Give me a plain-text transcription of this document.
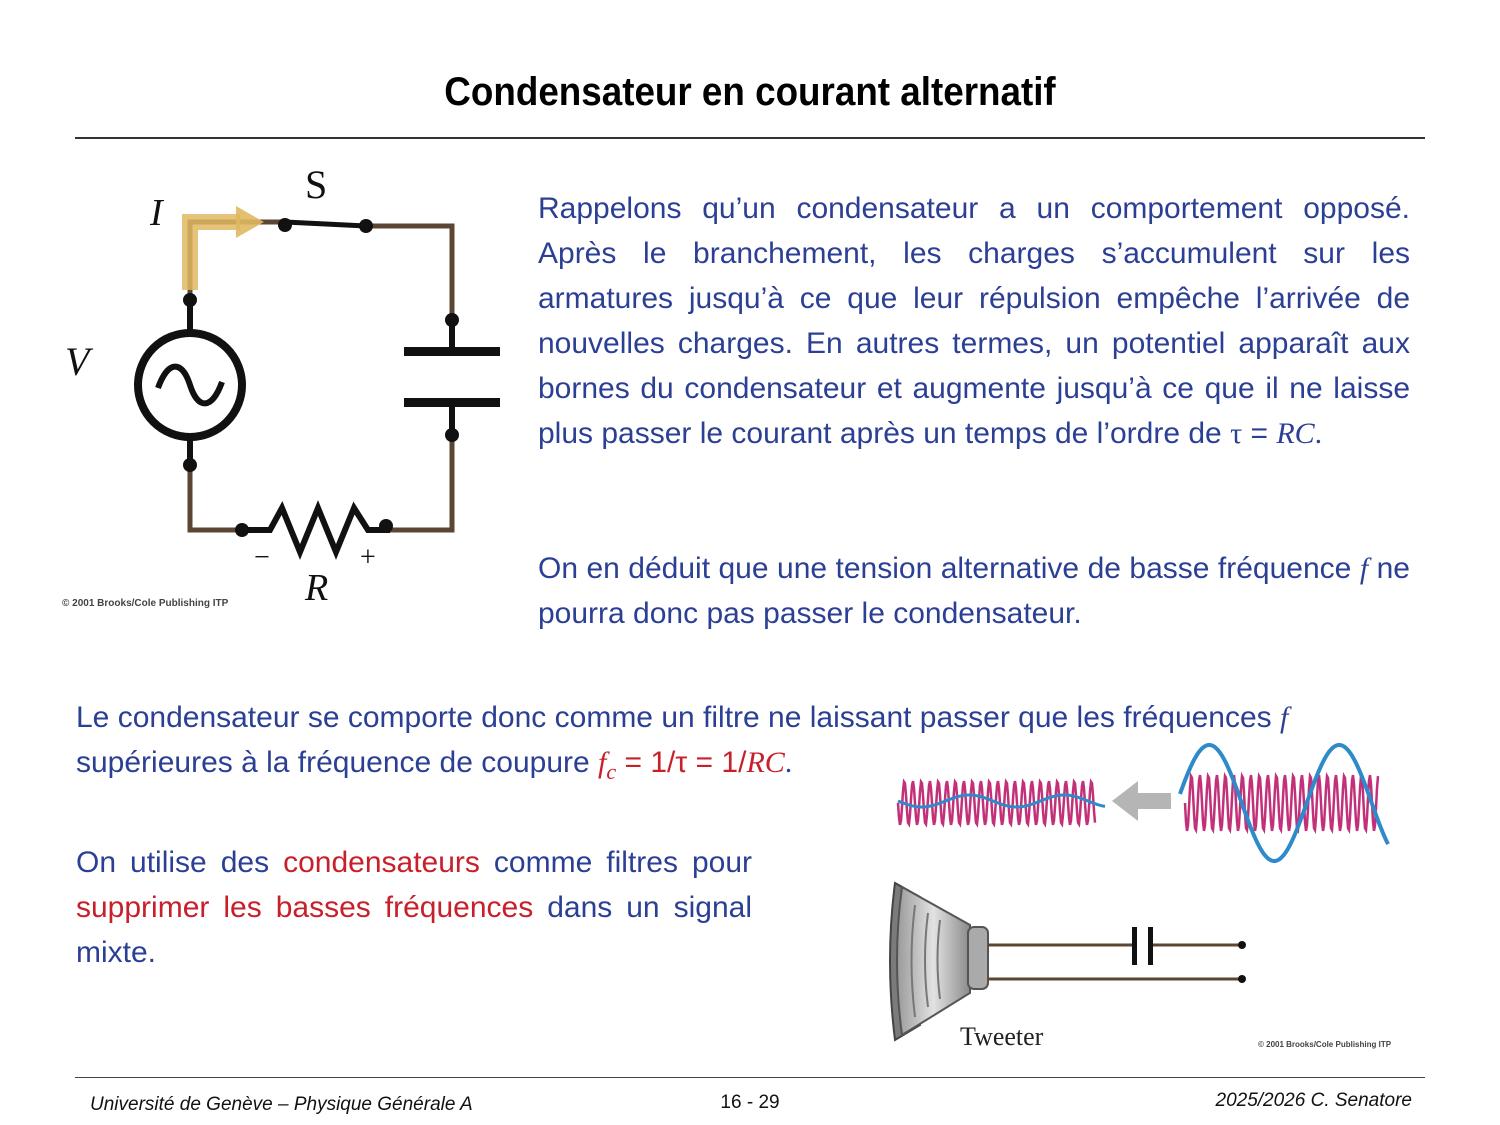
Condensateur en courant alternatif
S
I
V
R
−	+
© 2001 Brooks/Cole Publishing ITP
Rappelons qu’un condensateur a un comportement opposé. Après le branchement, les charges s’accumulent sur les armatures jusqu’à ce que leur répulsion empêche l’arrivée de nouvelles charges. En autres termes, un potentiel apparaît aux bornes du condensateur et augmente jusqu’à ce que il ne laisse plus passer le courant après un temps de l’ordre de τ = RC.
On en déduit que une tension alternative de basse fréquence f ne pourra donc pas passer le condensateur.
Le condensateur se comporte donc comme un filtre ne laissant passer que les fréquences f
supérieures à la fréquence de coupure $f_c = 1/\tau = 1/RC$.
On utilise des condensateurs comme filtres pour supprimer les basses fréquences dans un signal mixte.
Tweeter	© 2001 Brooks/Cole Publishing ITP
Université de Genève – Physique Générale A	16 - 29	2025/2026 C. Senatore
